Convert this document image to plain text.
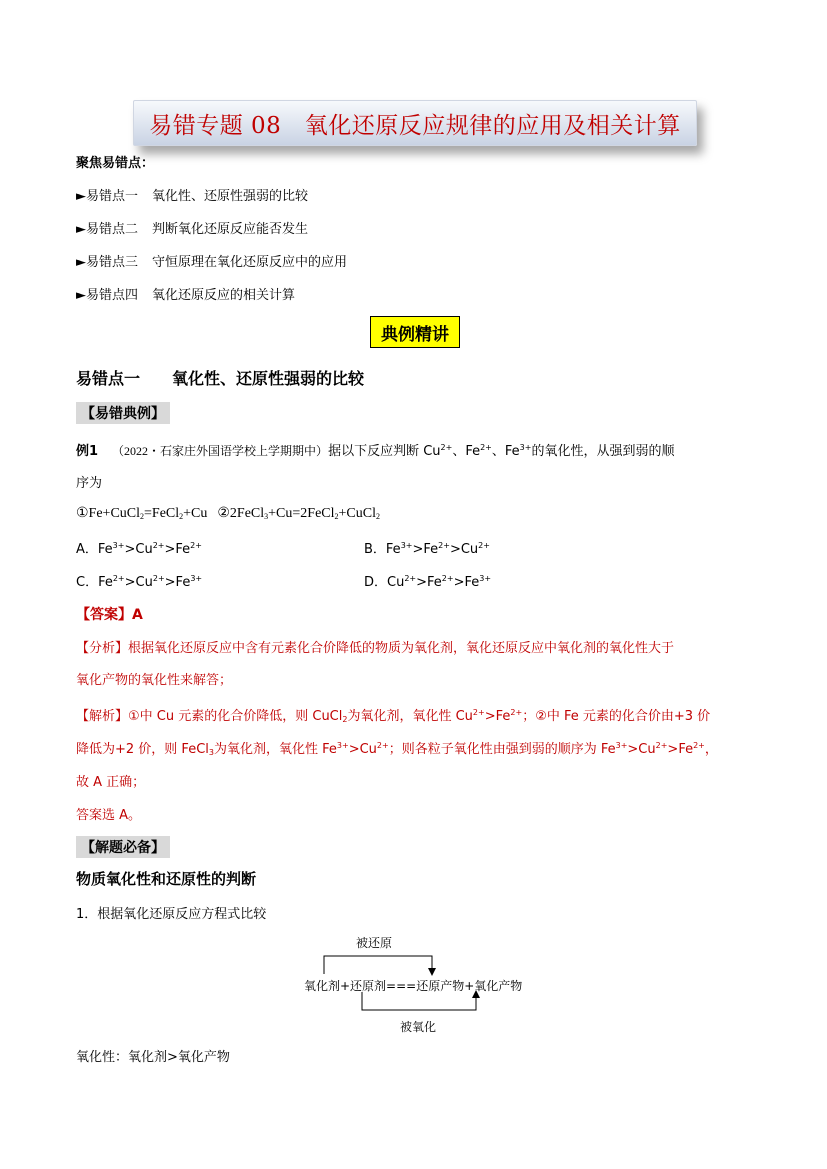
易错专题 08　氧化还原反应规律的应用及相关计算
聚焦易错点：
►易错点一 氧化性、还原性强弱的比较
►易错点二 判断氧化还原反应能否发生
►易错点三 守恒原理在氧化还原反应中的应用
►易错点四 氧化还原反应的相关计算
典例精讲
易错点一 氧化性、还原性强弱的比较
【易错典例】
例1 （2022・石家庄外国语学校上学期期中）据以下反应判断 $Cu^{2+}$、$Fe^{2+}$、$Fe^{3+}$的氧化性，从强到弱的顺
序为
①Fe+CuCl$_2$=FeCl$_2$+Cu ②2FeCl$_3$+Cu=2FeCl$_2$+CuCl$_2$
A．$Fe^{3+}>Cu^{2+}>Fe^{2+}$	B．$Fe^{3+}>Fe^{2+}>Cu^{2+}$
C．$Fe^{2+}>Cu^{2+}>Fe^{3+}$	D．$Cu^{2+}>Fe^{2+}>Fe^{3+}$
【答案】A
【分析】根据氧化还原反应中含有元素化合价降低的物质为氧化剂，氧化还原反应中氧化剂的氧化性大于
氧化产物的氧化性来解答；
【解析】①中 Cu 元素的化合价降低，则 CuCl$_2$为氧化剂，氧化性 $Cu^{2+}>Fe^{2+}$；②中 Fe 元素的化合价由+3 价
降低为+2 价，则 FeCl$_3$为氧化剂，氧化性 $Fe^{3+}>Cu^{2+}$；则各粒子氧化性由强到弱的顺序为 $Fe^{3+}>Cu^{2+}>Fe^{2+}$，
故 A 正确；
答案选 A。
【解题必备】
物质氧化性和还原性的判断
1．根据氧化还原反应方程式比较
被还原
氧化剂+还原剂===还原产物+氧化产物
被氧化
氧化性：氧化剂>氧化产物
